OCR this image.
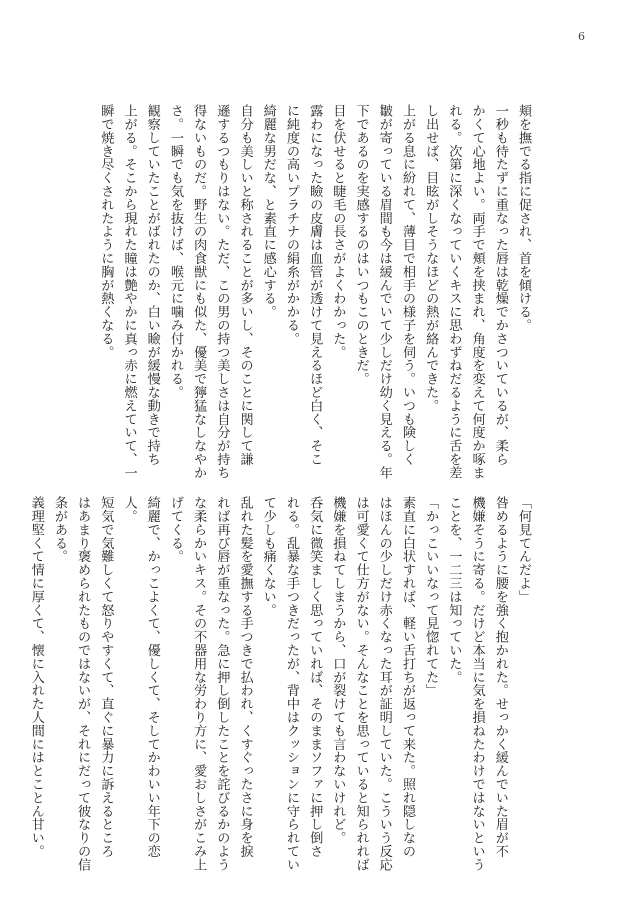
6
頬を撫でる指に促され、首を傾ける。
一秒も待たずに重なった唇は乾燥でかさついているが、柔ら
かくて心地よい。両手で頬を挟まれ、角度を変えて何度か啄ま
れる。次第に深くなっていくキスに思わずねだるように舌を差
し出せば、目眩がしそうなほどの熱が絡んできた。
上がる息に紛れて、薄目で相手の様子を伺う。いつも険しく
皺が寄っている眉間も今は緩んでいて少しだけ幼く見える。年
下であるのを実感するのはいつもこのときだ。
目を伏せると睫毛の長さがよくわかった。
露わになった瞼の皮膚は血管が透けて見えるほど白く、そこ
に純度の高いプラチナの絹糸がかかる。
綺麗な男だな、と素直に感心する。
自分も美しいと称されることが多いし、そのことに関して謙
遜するつもりはない。ただ、この男の持つ美しさは自分が持ち
得ないものだ。野生の肉食獣にも似た、優美で獰猛なしなやか
さ。一瞬でも気を抜けば、喉元に噛み付かれる。
観察していたことがばれたのか、白い瞼が緩慢な動きで持ち
上がる。そこから現れた瞳は艶やかに真っ赤に燃えていて、一
瞬で焼き尽くされたように胸が熱くなる。
「何見てんだよ」
咎めるように腰を強く抱かれた。せっかく緩んでいた眉が不
機嫌そうに寄る。だけど本当に気を損ねたわけではないという
ことを、一二三は知っていた。
「かっこいいなって見惚れてた」
素直に白状すれば、軽い舌打ちが返って来た。照れ隠しなの
はほんの少しだけ赤くなった耳が証明していた。こういう反応
は可愛くて仕方がない。そんなことを思っていると知られれば
機嫌を損ねてしまうから、口が裂けても言わないけれど。
呑気に微笑ましく思っていれば、そのままソファに押し倒さ
れる。乱暴な手つきだったが、背中はクッションに守られてい
て少しも痛くない。
乱れた髪を愛撫する手つきで払われ、くすぐったさに身を捩
れば再び唇が重なった。急に押し倒したことを詫びるかのよう
な柔らかいキス。その不器用な労わり方に、愛おしさがこみ上
げてくる。
綺麗で、かっこよくて、優しくて、そしてかわいい年下の恋
人。
短気で気難しくて怒りやすくて、直ぐに暴力に訴えるところ
はあまり褒められたものではないが、それにだって彼なりの信
条がある。
義理堅くて情に厚くて、懐に入れた人間にはとことん甘い。
